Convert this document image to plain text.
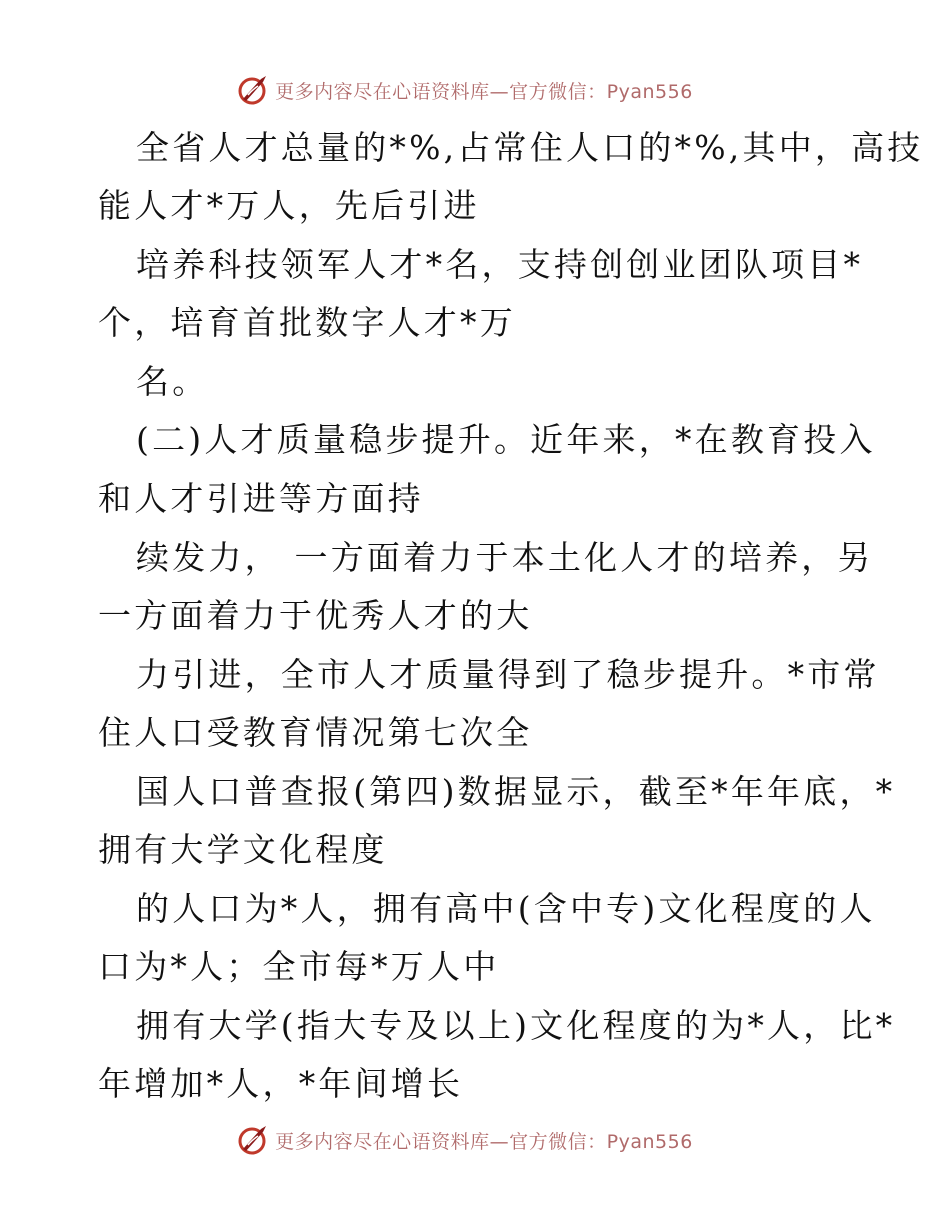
更多内容尽在心语资料库—官方微信：Pyan556
全省人才总量的*%,占常住人口的*%,其中，高技
能人才*万人，先后引进
培养科技领军人才*名，支持创创业团队项目*
个，培育首批数字人才*万
名。
(二)人才质量稳步提升。近年来，*在教育投入
和人才引进等方面持
续发力， 一方面着力于本土化人才的培养，另
一方面着力于优秀人才的大
力引进，全市人才质量得到了稳步提升。*市常
住人口受教育情况第七次全
国人口普查报(第四)数据显示，截至*年年底，*
拥有大学文化程度
的人口为*人，拥有高中(含中专)文化程度的人
口为*人；全市每*万人中
拥有大学(指大专及以上)文化程度的为*人，比*
年增加*人，*年间增长
更多内容尽在心语资料库—官方微信：Pyan556
